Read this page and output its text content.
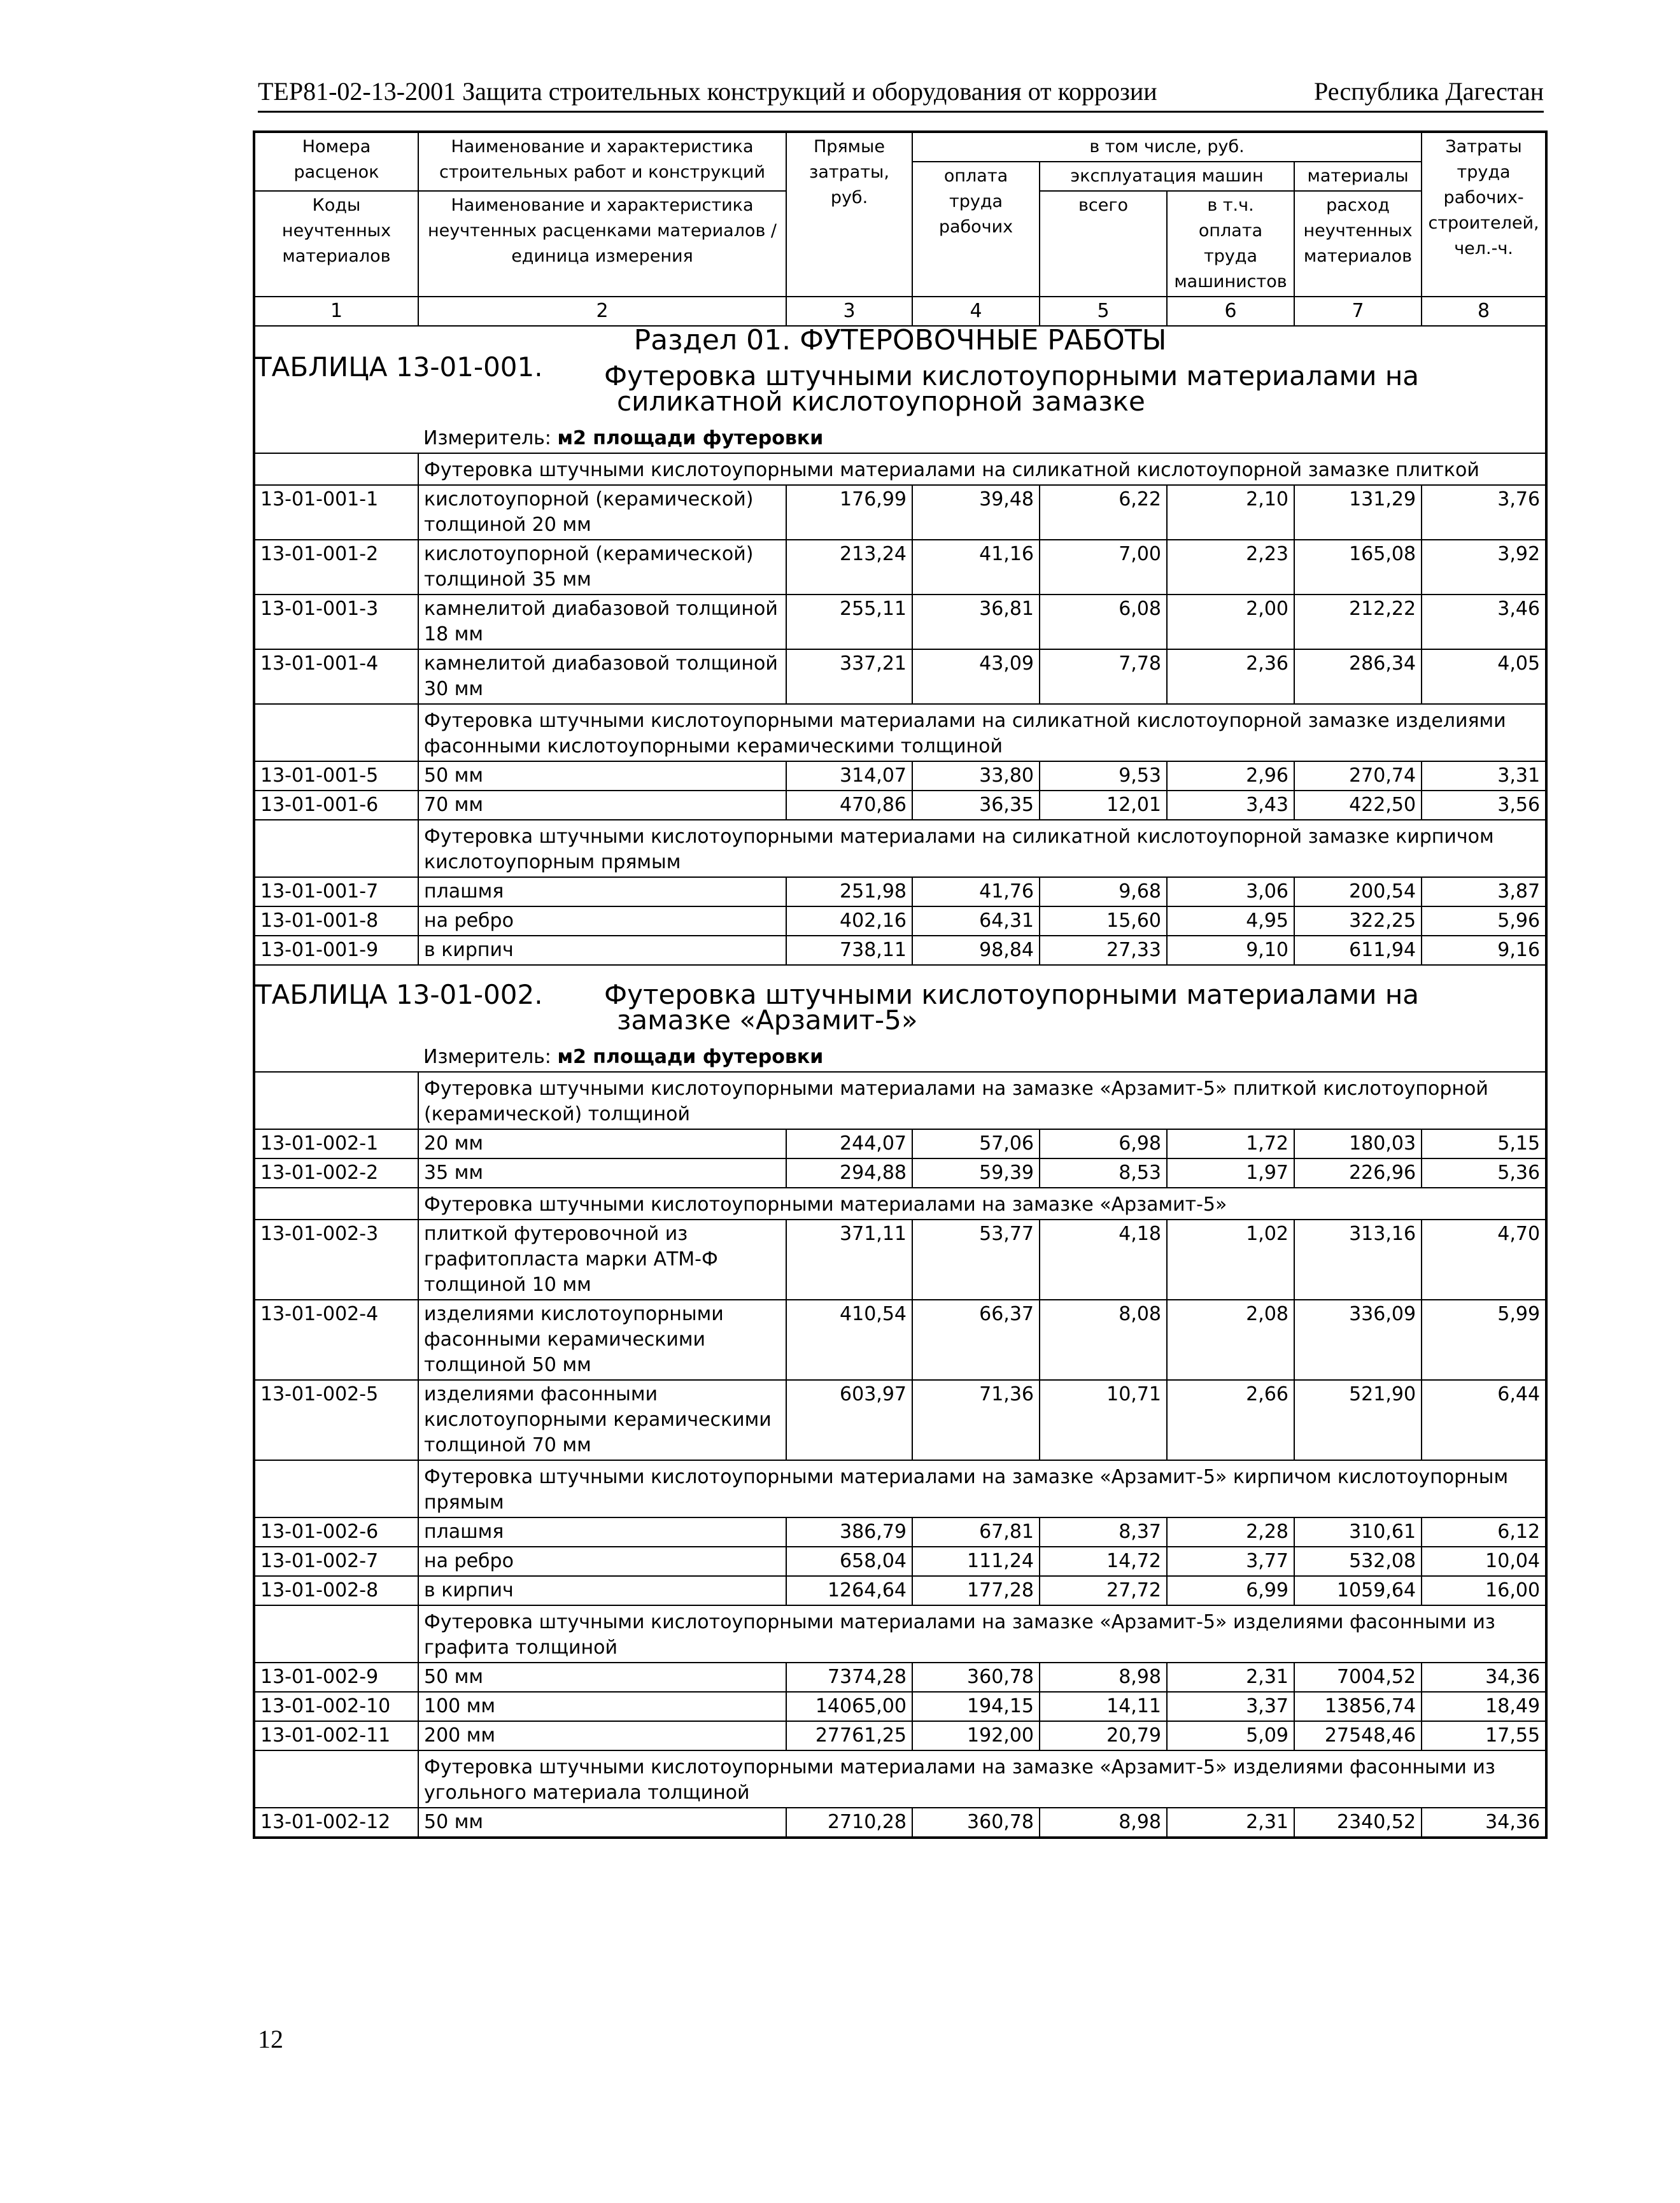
ТЕР81-02-13-2001 Защита строительных конструкций и оборудования от коррозии	Республика Дагестан
Номера расценок	Наименование и характеристика строительных работ и конструкций	Прямые затраты, руб.	в том числе, руб.				Затраты труда рабочих-строителей, чел.-ч.
			оплата труда рабочих	эксплуатация машин		материалы	
Коды неучтенных материалов	Наименование и характеристика неучтенных расценками материалов / единица измерения			всего	в т.ч. оплата труда машинистов	расход неучтенных материалов	

1	2	3	4	5	6	7	8
Раздел 01. ФУТЕРОВОЧНЫЕ РАБОТЫ							

ТАБЛИЦА 13-01-001. Футеровка штучными кислотоупорными материалами на
силикатной кислотоупорной замазке							

	Измеритель: м2 площади футеровки						
	Футеровка штучными кислотоупорными материалами на силикатной кислотоупорной замазке плиткой						
13-01-001-1	кислотоупорной (керамической) толщиной 20 мм	176,99	39,48	6,22	2,10	131,29	3,76
13-01-001-2	кислотоупорной (керамической) толщиной 35 мм	213,24	41,16	7,00	2,23	165,08	3,92
13-01-001-3	камнелитой диабазовой толщиной 18 мм	255,11	36,81	6,08	2,00	212,22	3,46
13-01-001-4	камнелитой диабазовой толщиной 30 мм	337,21	43,09	7,78	2,36	286,34	4,05
	Футеровка штучными кислотоупорными материалами на силикатной кислотоупорной замазке изделиями фасонными кислотоупорными керамическими толщиной						
13-01-001-5	50 мм	314,07	33,80	9,53	2,96	270,74	3,31
13-01-001-6	70 мм	470,86	36,35	12,01	3,43	422,50	3,56
	Футеровка штучными кислотоупорными материалами на силикатной кислотоупорной замазке кирпичом кислотоупорным прямым						
13-01-001-7	плашмя	251,98	41,76	9,68	3,06	200,54	3,87
13-01-001-8	на ребро	402,16	64,31	15,60	4,95	322,25	5,96
13-01-001-9	в кирпич	738,11	98,84	27,33	9,10	611,94	9,16

ТАБЛИЦА 13-01-002. Футеровка штучными кислотоупорными материалами на
замазке «Арзамит-5»							

	Измеритель: м2 площади футеровки						
	Футеровка штучными кислотоупорными материалами на замазке «Арзамит-5» плиткой кислотоупорной (керамической) толщиной						
13-01-002-1	20 мм	244,07	57,06	6,98	1,72	180,03	5,15
13-01-002-2	35 мм	294,88	59,39	8,53	1,97	226,96	5,36
	Футеровка штучными кислотоупорными материалами на замазке «Арзамит-5»						
13-01-002-3	плиткой футеровочной из графитопласта марки АТМ-Ф толщиной 10 мм	371,11	53,77	4,18	1,02	313,16	4,70
13-01-002-4	изделиями кислотоупорными фасонными керамическими толщиной 50 мм	410,54	66,37	8,08	2,08	336,09	5,99
13-01-002-5	изделиями фасонными кислотоупорными керамическими толщиной 70 мм	603,97	71,36	10,71	2,66	521,90	6,44
	Футеровка штучными кислотоупорными материалами на замазке «Арзамит-5» кирпичом кислотоупорным прямым						
13-01-002-6	плашмя	386,79	67,81	8,37	2,28	310,61	6,12
13-01-002-7	на ребро	658,04	111,24	14,72	3,77	532,08	10,04
13-01-002-8	в кирпич	1264,64	177,28	27,72	6,99	1059,64	16,00
	Футеровка штучными кислотоупорными материалами на замазке «Арзамит-5» изделиями фасонными из графита толщиной						
13-01-002-9	50 мм	7374,28	360,78	8,98	2,31	7004,52	34,36
13-01-002-10	100 мм	14065,00	194,15	14,11	3,37	13856,74	18,49
13-01-002-11	200 мм	27761,25	192,00	20,79	5,09	27548,46	17,55
	Футеровка штучными кислотоупорными материалами на замазке «Арзамит-5» изделиями фасонными из угольного материала толщиной						
13-01-002-12	50 мм	2710,28	360,78	8,98	2,31	2340,52	34,36
12
